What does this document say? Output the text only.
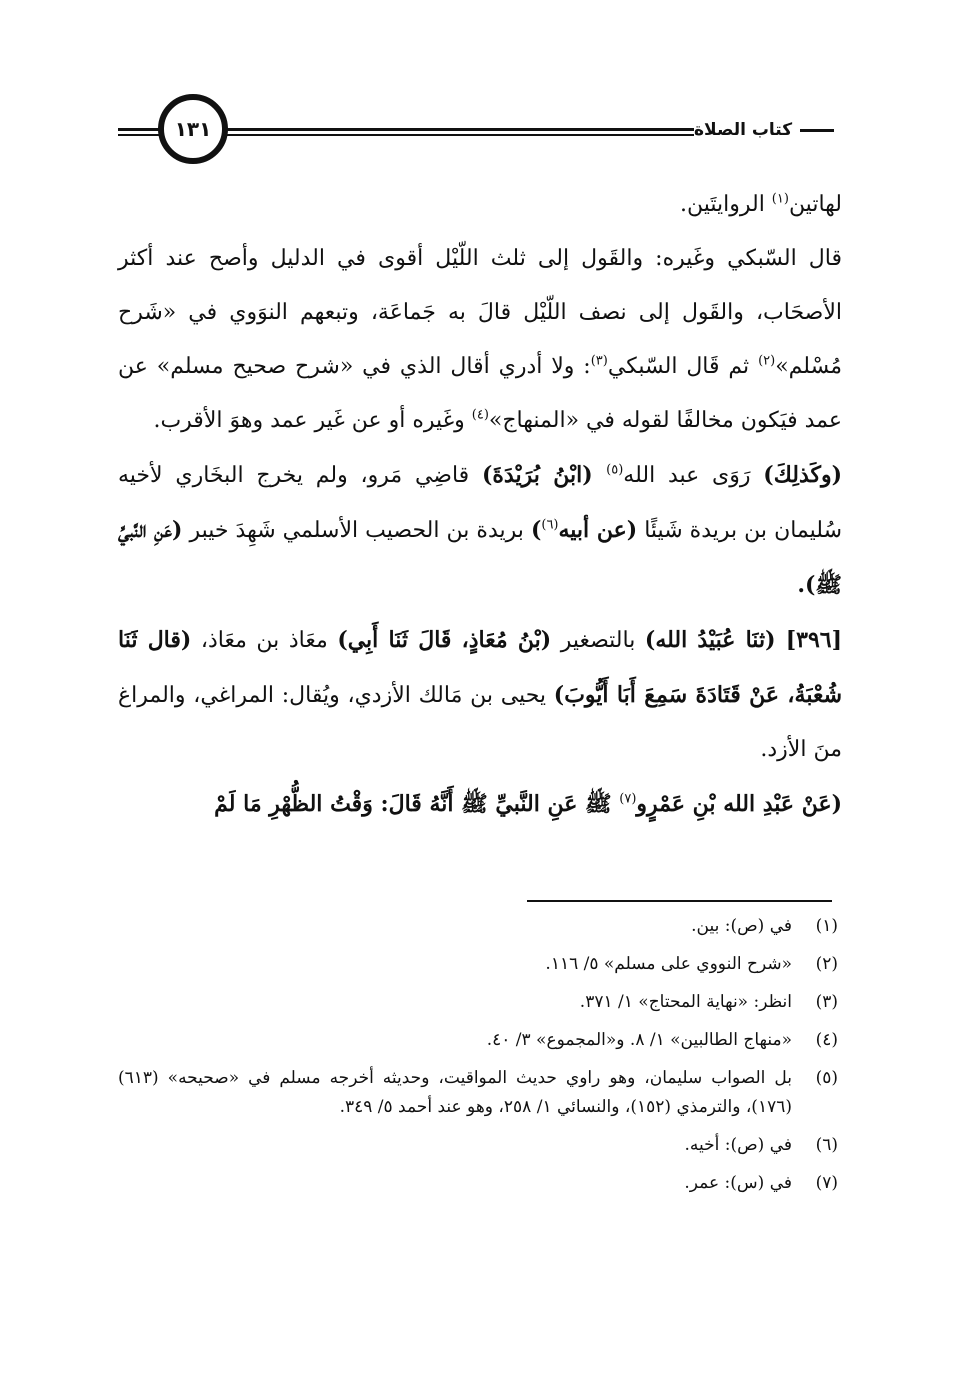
كتاب الصلاة
١٣١

لهاتين$^{(١)}$ الروايتَين.

قال السّبكي وغَيره: والقَول إلى ثلث اللّيْل أقوى في الدليل وأصح عند أكثر الأصحَاب، والقَول إلى نصف اللّيْل قالَ به جَماعَة، وتبعهم النوَوي في «شَرح مُسْلم»$^{(٢)}$ ثم قَال السّبكي$^{(٣)}$: ولا أدري أقال الذي في «شرح صحيح مسلم» عن عمد فيَكون مخالفًا لقوله في «المنهاج»$^{(٤)}$ وغَيره أو عن غَير عمد وهوَ الأقرب.

(وكَذلِكَ) رَوَى عبد الله$^{(٥)}$ (ابْنُ بُرَيْدَةَ) قاضِي مَرو، ولم يخرج البخَاري لأخيه سُليمان بن بريدة شَيئًا (عن أبيه$^{(٦)}$) بريدة بن الحصيب الأسلمي شَهِدَ خيبر (عَنِ النَّبيِّ ﷺ).

[٣٩٦] (ثنَا عُبَيْدُ الله) بالتصغير (بْنُ مُعَاذٍ، قَالَ ثَنَا أَبِي) معَاذ بن معَاذ، (قال ثَنَا شُعْبَةُ، عَنْ قَتَادَةَ سَمِعَ أَبَا أَيُّوبَ) يحيى بن مَالك الأزدي، ويُقال: المراغي، والمراغ منَ الأزد.

(عَنْ عَبْدِ الله بْنِ عَمْرٍو$^{(٧)}$ ﷺ عَنِ النَّبيِّ ﷺ أَنَّهُ قَالَ: وَقْتُ الظُّهْرِ مَا لَمْ

(١)
في (ص): بين.
(٢)
«شرح النووي على مسلم» ٥/ ١١٦.
(٣)
انظر: «نهاية المحتاج» ١/ ٣٧١.
(٤)
«منهاج الطالبين» ١/ ٨. و«المجموع» ٣/ ٤٠.
(٥)
بل الصواب سليمان، وهو راوي حديث المواقيت، وحديثه أخرجه مسلم في «صحيحه» (٦١٣) (١٧٦)، والترمذي (١٥٢)، والنسائي ١/ ٢٥٨، وهو عند أحمد ٥/ ٣٤٩.
(٦)
في (ص): أخيه.
(٧)
في (س): عمر.
